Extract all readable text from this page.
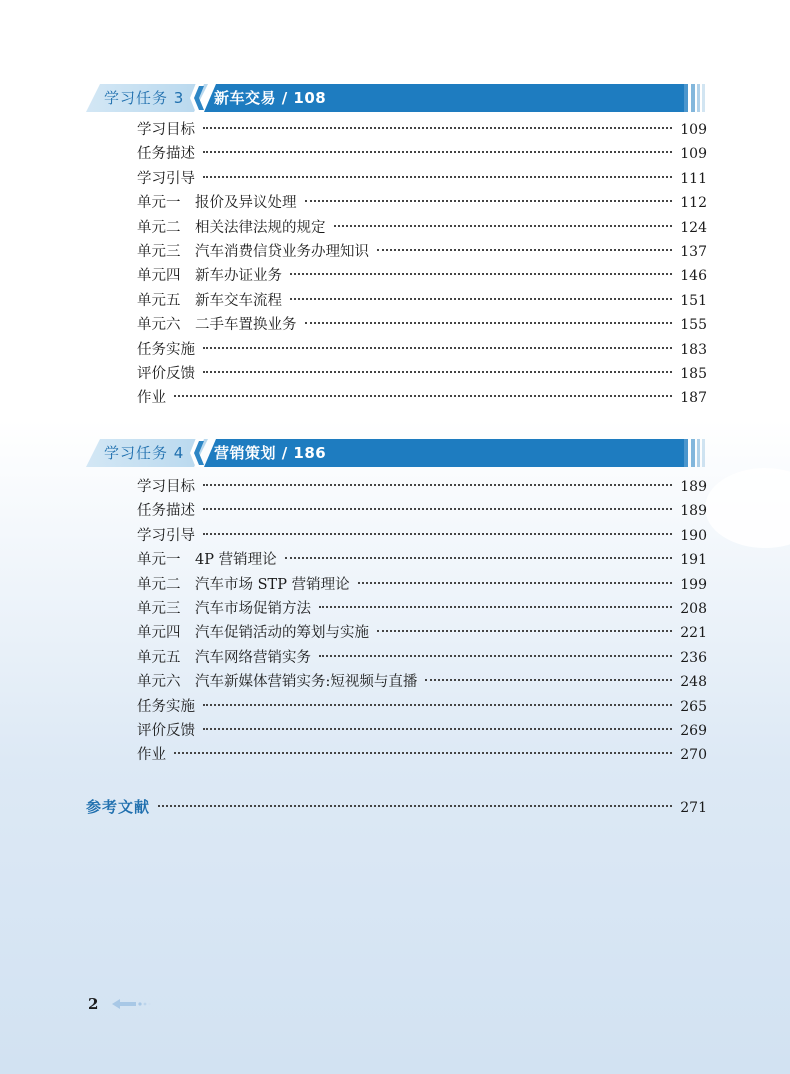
学习任务 3 新车交易 / 108
学习目标	109
任务描述	109
学习引导	111
单元一　报价及异议处理	112
单元二　相关法律法规的规定	124
单元三　汽车消费信贷业务办理知识	137
单元四　新车办证业务	146
单元五　新车交车流程	151
单元六　二手车置换业务	155
任务实施	183
评价反馈	185
作业	187
学习任务 4 营销策划 / 186
学习目标	189
任务描述	189
学习引导	190
单元一　4P 营销理论	191
单元二　汽车市场 STP 营销理论	199
单元三　汽车市场促销方法	208
单元四　汽车促销活动的筹划与实施	221
单元五　汽车网络营销实务	236
单元六　汽车新媒体营销实务:短视频与直播	248
任务实施	265
评价反馈	269
作业	270
参考文献	271
2
